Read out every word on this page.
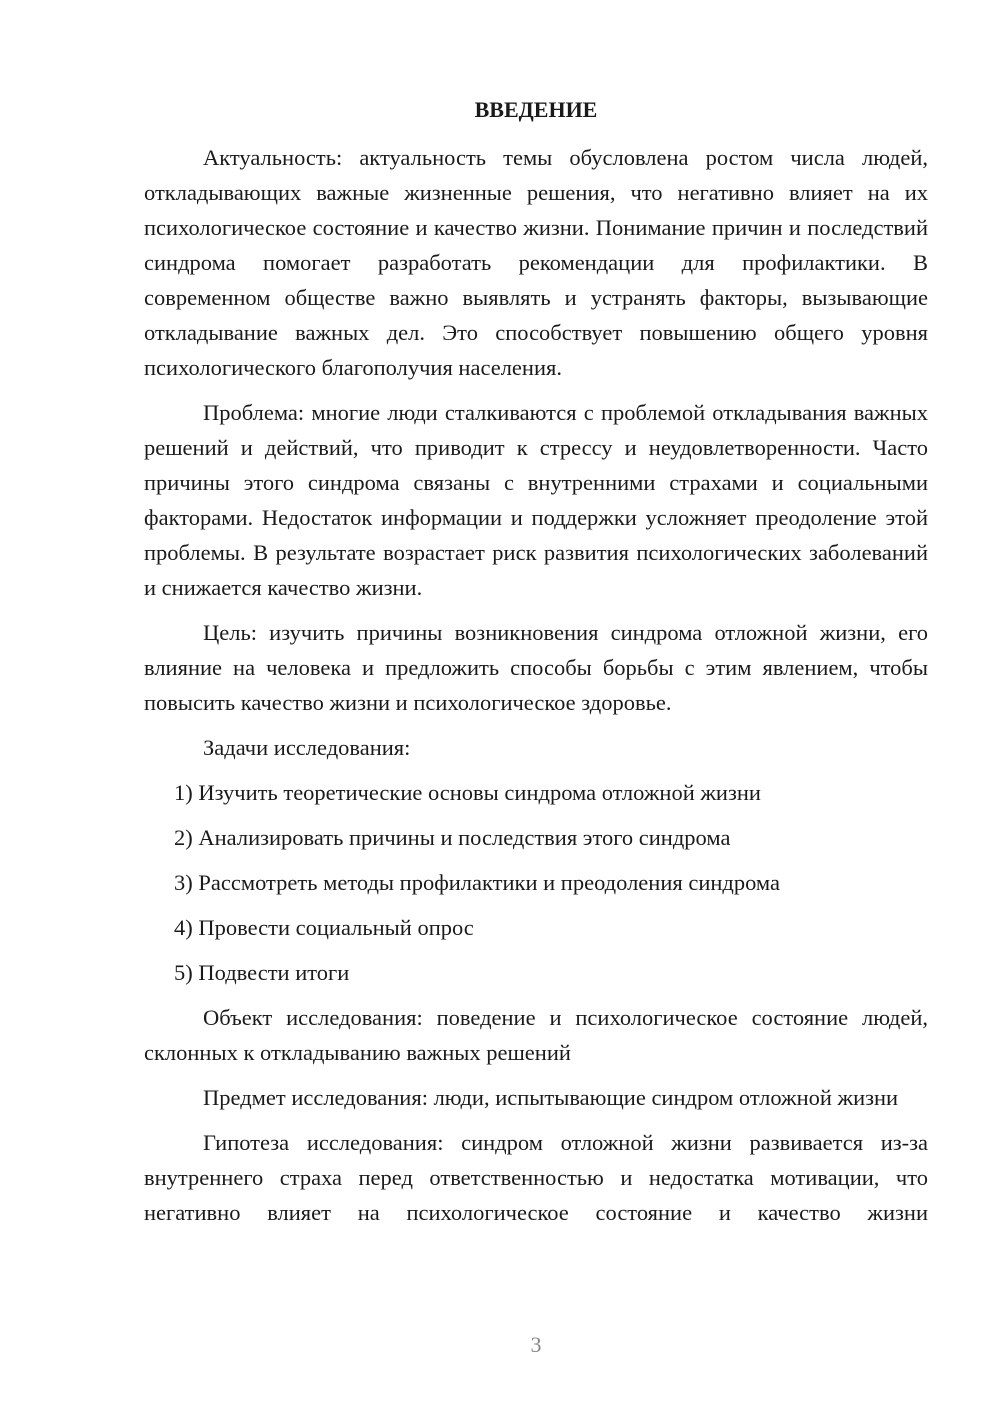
ВВЕДЕНИЕ

Актуальность: актуальность темы обусловлена ростом числа людей, откладывающих важные жизненные решения, что негативно влияет на их психологическое состояние и качество жизни. Понимание причин и последствий синдрома помогает разработать рекомендации для профилактики. В современном обществе важно выявлять и устранять факторы, вызывающие откладывание важных дел. Это способствует повышению общего уровня психологического благополучия населения.

Проблема: многие люди сталкиваются с проблемой откладывания важных решений и действий, что приводит к стрессу и неудовлетворенности. Часто причины этого синдрома связаны с внутренними страхами и социальными факторами. Недостаток информации и поддержки усложняет преодоление этой проблемы. В результате возрастает риск развития психологических заболеваний и снижается качество жизни.

Цель: изучить причины возникновения синдрома отложной жизни, его влияние на человека и предложить способы борьбы с этим явлением, чтобы повысить качество жизни и психологическое здоровье.

Задачи исследования:
1) Изучить теоретические основы синдрома отложной жизни
2) Анализировать причины и последствия этого синдрома
3) Рассмотреть методы профилактики и преодоления синдрома
4) Провести социальный опрос
5) Подвести итоги

Объект исследования: поведение и психологическое состояние людей, склонных к откладыванию важных решений

Предмет исследования: люди, испытывающие синдром отложной жизни

Гипотеза исследования: синдром отложной жизни развивается из-за внутреннего страха перед ответственностью и недостатка мотивации, что негативно влияет на психологическое состояние и качество жизни

3
